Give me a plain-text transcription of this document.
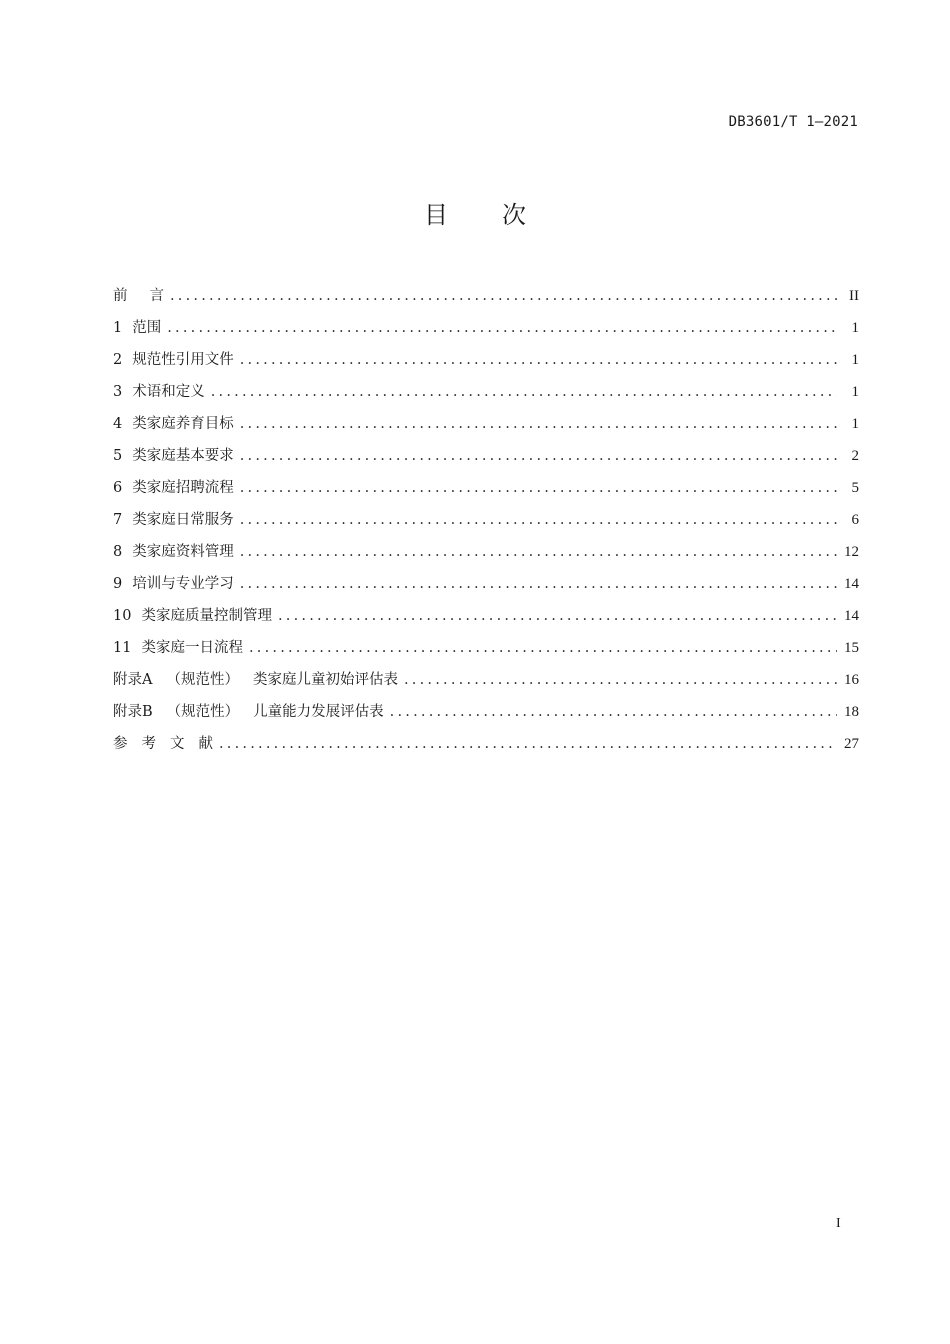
DB3601/T 1—2021
目 次
前 言 .....	II
1 范围 .....	1
2 规范性引用文件 .....	1
3 术语和定义 .....	1
4 类家庭养育目标 .....	1
5 类家庭基本要求 .....	2
6 类家庭招聘流程 .....	5
7 类家庭日常服务 .....	6
8 类家庭资料管理 .....	12
9 培训与专业学习 .....	14
10 类家庭质量控制管理 .....	14
11 类家庭一日流程 .....	15
附录A （规范性） 类家庭儿童初始评估表 .....	16
附录B （规范性） 儿童能力发展评估表 .....	18
参 考 文 献 .....	27
I
